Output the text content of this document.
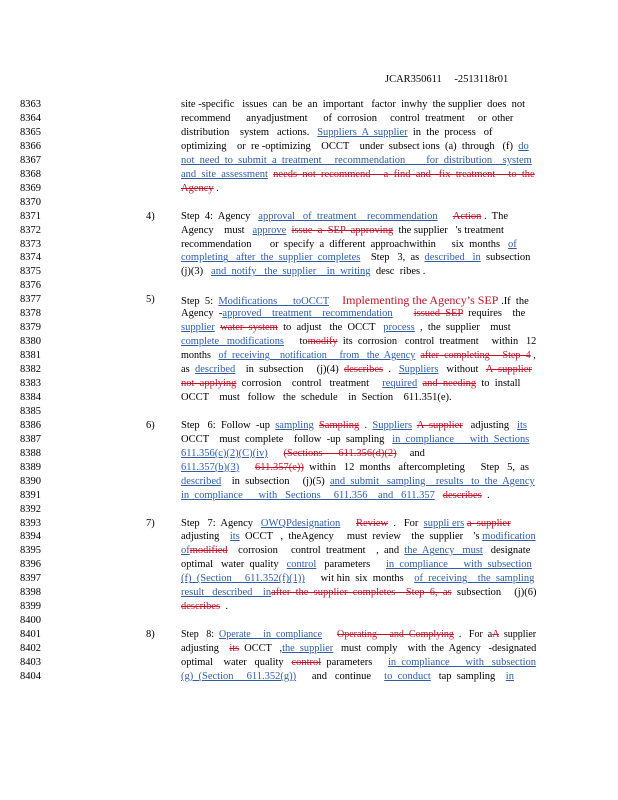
JCAR350611 -2513118r01
8363	site -specific   issues  can  be  an  important   factor  inwhy  the supplier  does  not
8364	recommend      anyadjustment      of  corrosion     control  treatment     or  other
8365	distribution    system   actions.   Suppliers  A  supplier  in  the  process   of
8366	optimizing    or  re -optimizing    OCCT    under  subsect ions  (a)  through   (f)  do
8367	not  need  to  submit  a  treatment     recommendation        for  distribution    system
8368	and  site  assessment needs  not  recommend     a  find  and   fix  treatment     to  the
8369	Agency .
8370
8371	4)	Step  4:  Agency   approval   of  treatment    recommendation Action .  The
8372	Agency    must   approve issue  a  SEP  approving  the supplier   's treatment
8373	recommendation       or  specify  a  different  approachwithin      six  months   of
8374	completing   after  the  supplier  completes    Step   3,  as  described   in  subsection
8375	(j)(3)   and  notify   the  supplier    in  writing  desc  ribes .
8376
8377	5)	Step  5:  Modifications      toOCCT Implementing the Agency’s SEP .If  the
8378	Agency  -approved    treatment    recommendation issued  SEP  requires    the
8379	supplier water  system  to  adjust   the  OCCT   process  ,  the  supplier    must
8380	complete   modifications      tomodify  its  corrosion   control  treatment     within   12
8381	months   of  receiving    notification     from   the  Agency after  completing     Step  4 ,
8382	as  described    in  subsection     (j)(4)  describes  .   Suppliers   without   A  supplier
8383	not  applying  corrosion    control   treatment     required and  needing  to  install
8384	OCCT    must   follow   the  schedule    in  Section    611.351(e).
8385
8386	6)	Step   6:  Follow  -up  sampling Sampling  .  Suppliers A  supplier   adjusting   its
8387	OCCT    must  complete    follow  -up  sampling   in  compliance      with  Sections
8388	611.356(c)(2)(C)(iv) (Sections      611.356(d)(2)     and
8389	611.357(b)(3) 611.357(e))  within   12  months   aftercompleting      Step   5,  as
8390	described    in  subsection     (j)(5)  and  submit   sampling    results   to  the  Agency
8391	in  compliance      with   Sections     611.356    and   611.357 describes  .
8392
8393	7)	Step   7:  Agency   OWQPdesignation Review  .   For  suppli ers a  supplier
8394	adjusting    its  OCCT   ,  theAgency     must  review    the  supplier    's modification
8395	ofmodified    corrosion     control  treatment    ,  and  the  Agency   must   designate
8396	optimal   water  quality   control   parameters      in  compliance      with  subsection
8397	(f)  (Section     611.352(f)(1))      wit hin  six  months    of  receiving    the  sampling
8398	result   described    inafter  the  supplier  completes    Step  6,  as  subsection     (j)(6)
8399	describes  .
8400
8401	8)	Step   8:  Operate     in  compliance Operating     and  Complying  .   For  aA  supplier
8402	adjusting    its  OCCT   ,the  supplier   must  comply    with  the  Agency   -designated
8403	optimal    water   quality   control  parameters      in  compliance      with   subsection
8404	(g)  (Section     611.352(g))      and   continue     to  conduct   tap  sampling    in
